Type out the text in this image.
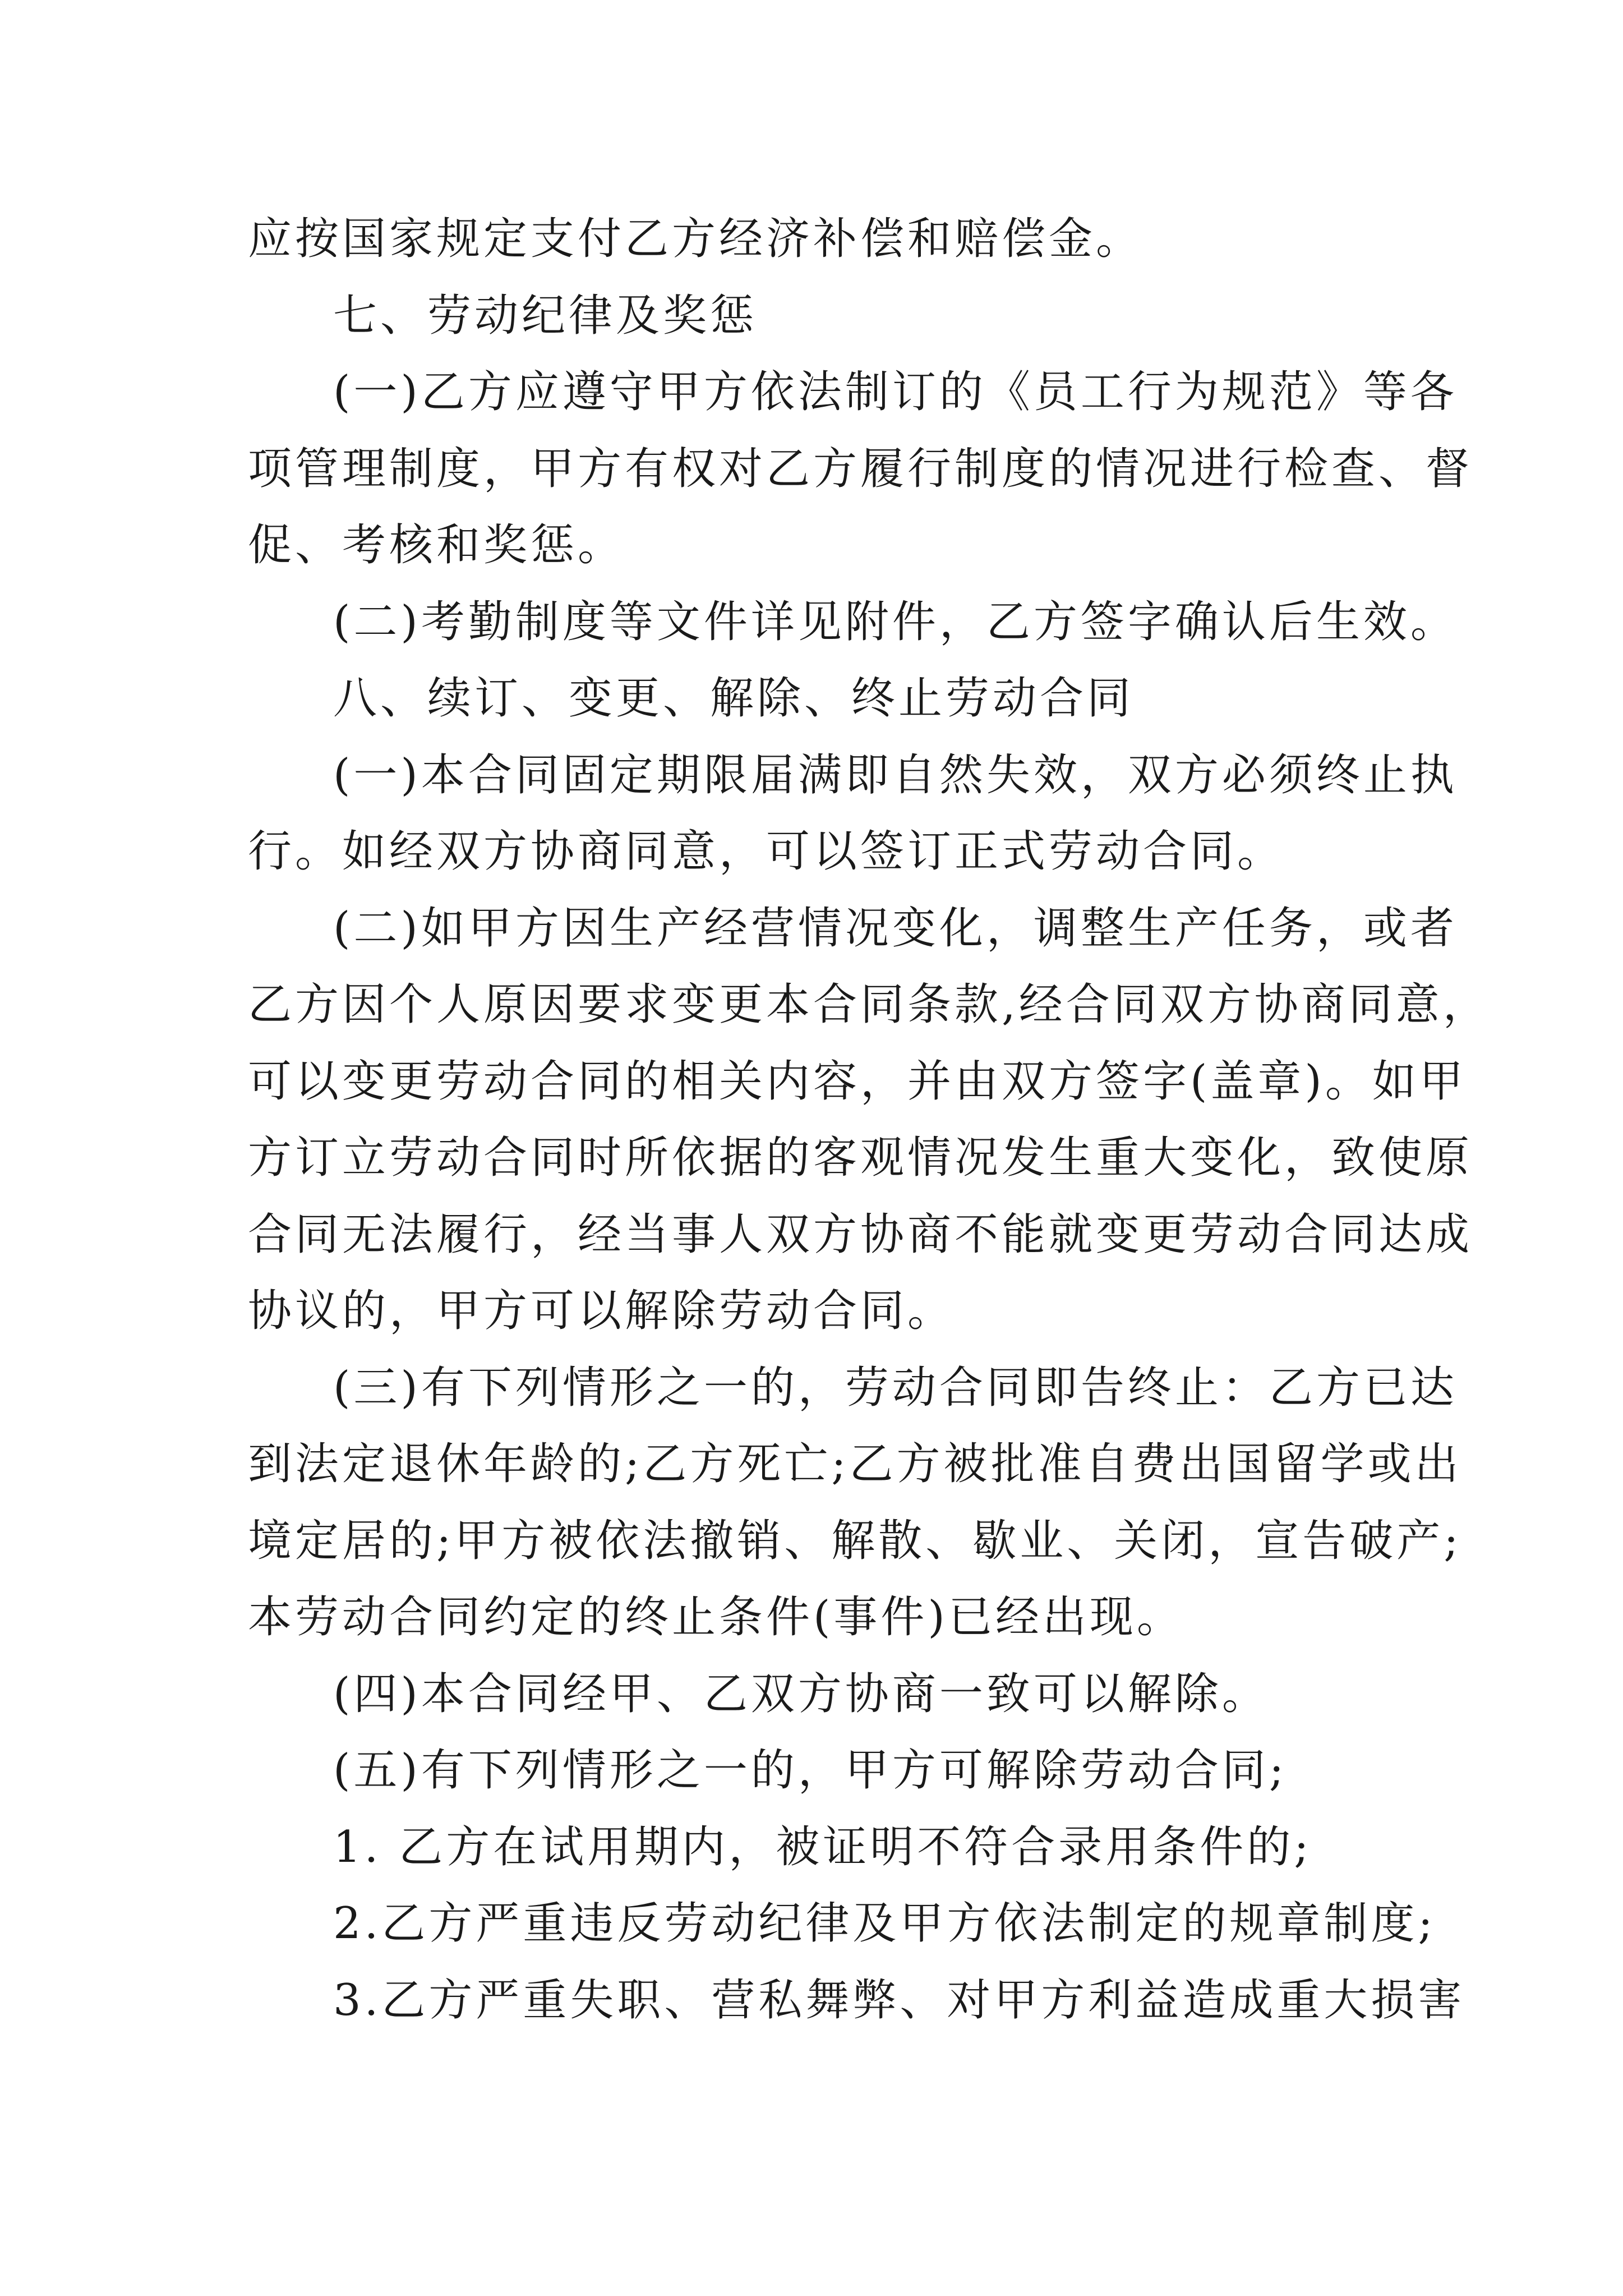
应按国家规定支付乙方经济补偿和赔偿金。
七、劳动纪律及奖惩
(一)乙方应遵守甲方依法制订的《员工行为规范》等各
项管理制度，甲方有权对乙方履行制度的情况进行检查、督
促、考核和奖惩。
(二)考勤制度等文件详见附件，乙方签字确认后生效。
八、续订、变更、解除、终止劳动合同
(一)本合同固定期限届满即自然失效，双方必须终止执
行。如经双方协商同意，可以签订正式劳动合同。
(二)如甲方因生产经营情况变化，调整生产任务，或者
乙方因个人原因要求变更本合同条款,经合同双方协商同意，
可以变更劳动合同的相关内容，并由双方签字(盖章)。如甲
方订立劳动合同时所依据的客观情况发生重大变化，致使原
合同无法履行，经当事人双方协商不能就变更劳动合同达成
协议的，甲方可以解除劳动合同。
(三)有下列情形之一的，劳动合同即告终止：乙方已达
到法定退休年龄的;乙方死亡;乙方被批准自费出国留学或出
境定居的;甲方被依法撤销、解散、歇业、关闭，宣告破产;
本劳动合同约定的终止条件(事件)已经出现。
(四)本合同经甲、乙双方协商一致可以解除。
(五)有下列情形之一的，甲方可解除劳动合同;
1. 乙方在试用期内，被证明不符合录用条件的;
2.乙方严重违反劳动纪律及甲方依法制定的规章制度;
3.乙方严重失职、营私舞弊、对甲方利益造成重大损害
